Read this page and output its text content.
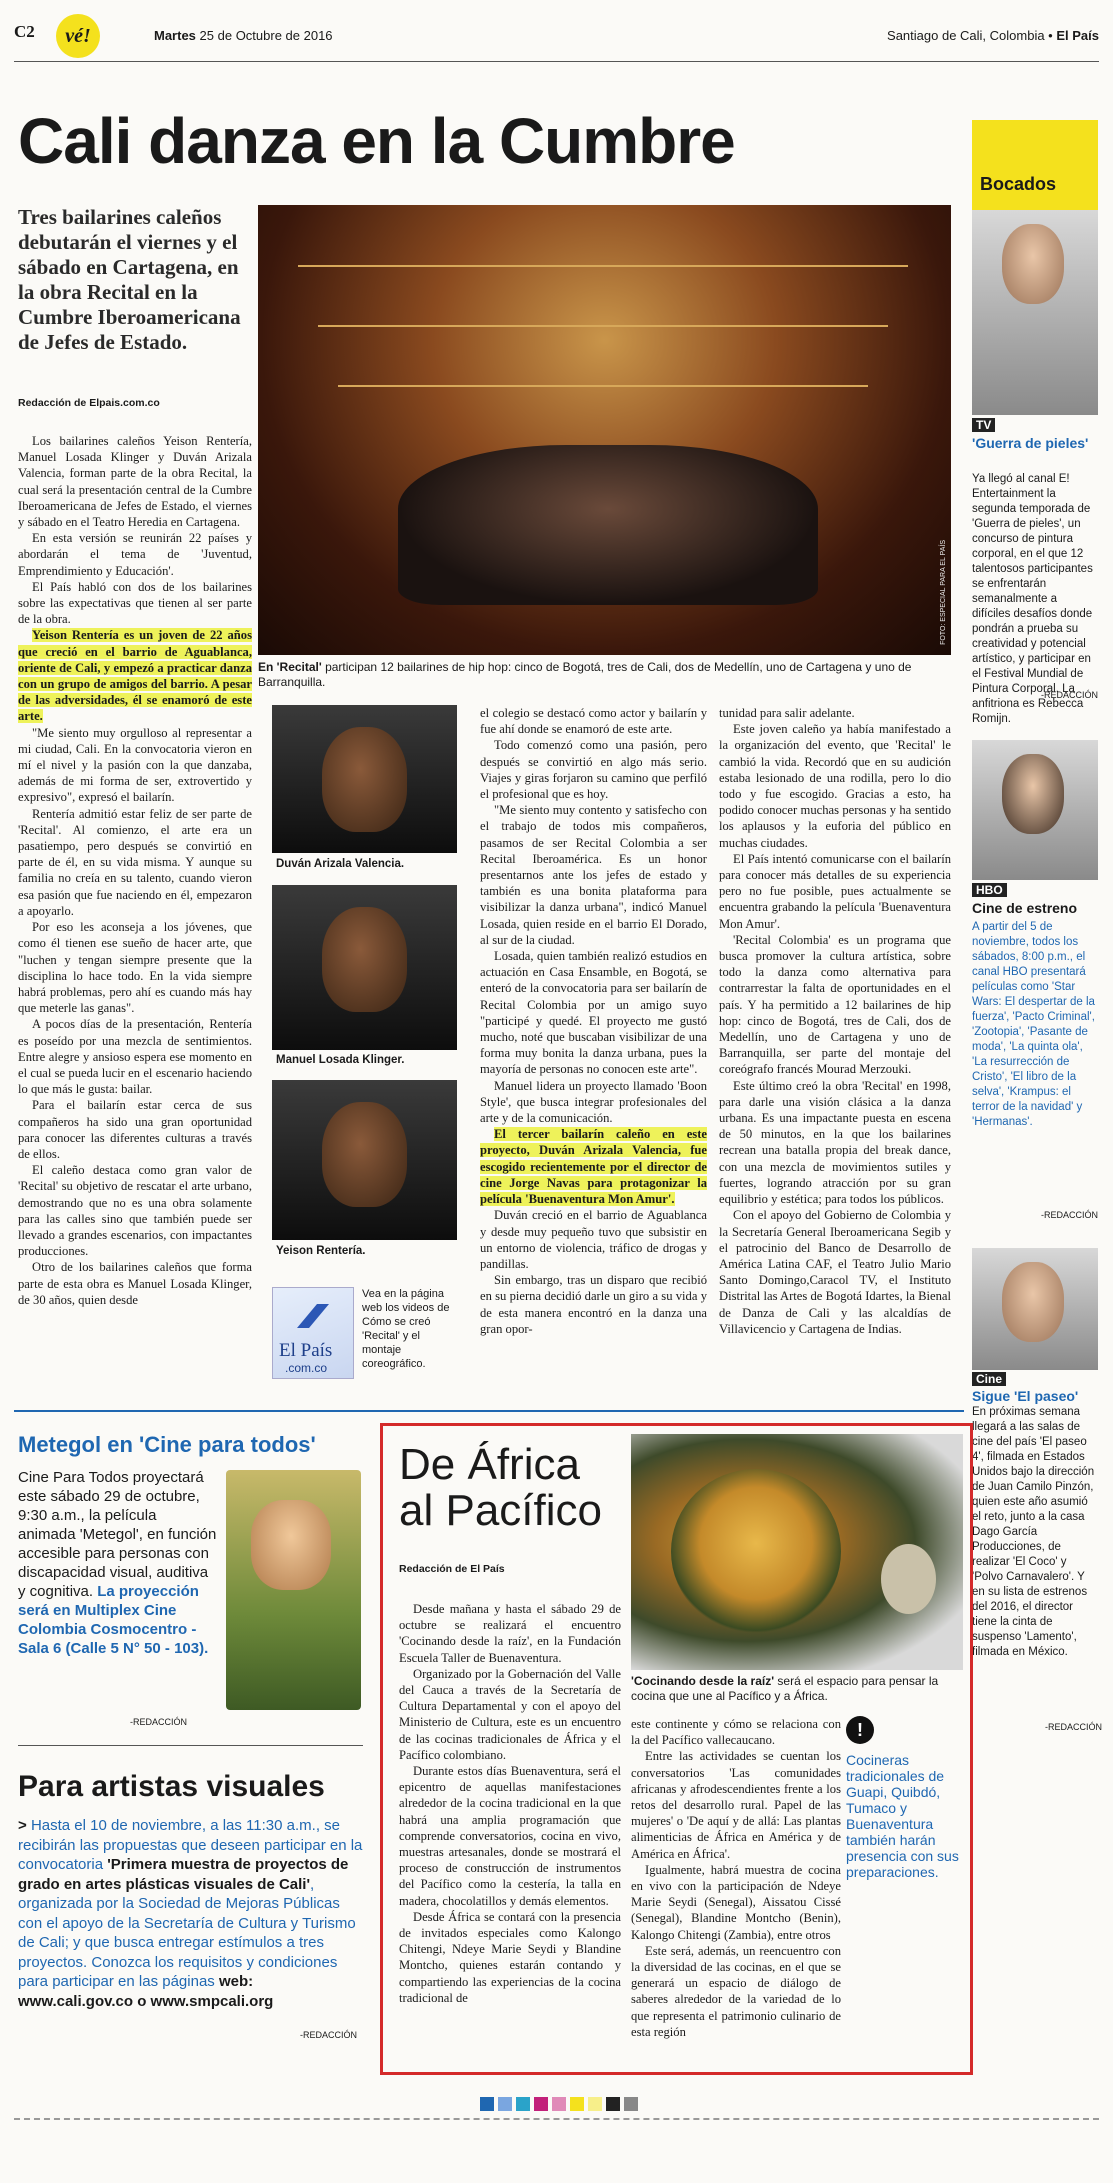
C2	vé!	Martes 25 de Octubre de 2016	Santiago de Cali, Colombia • El País
Cali danza en la Cumbre
Tres bailarines caleños debutarán el viernes y el sábado en Cartagena, en la obra Recital en la Cumbre Iberoamericana de Jefes de Estado.
Redacción de Elpais.com.co
FOTO: ESPECIAL PARA EL PAÍS
En 'Recital' participan 12 bailarines de hip hop: cinco de Bogotá, tres de Cali, dos de Medellín, uno de Cartagena y uno de Barranquilla.

Los bailarines caleños Yeison Rentería, Manuel Losada Klinger y Duván Arizala Valencia, forman parte de la obra Recital, la cual será la presentación central de la Cumbre Iberoamericana de Jefes de Estado, el viernes y sábado en el Teatro Heredia en Cartagena.

En esta versión se reunirán 22 países y abordarán el tema de 'Juventud, Emprendimiento y Educación'.

El País habló con dos de los bailarines sobre las expectativas que tienen al ser parte de la obra.

Yeison Rentería es un joven de 22 años que creció en el barrio de Aguablanca, oriente de Cali, y empezó a practicar danza con un grupo de amigos del barrio. A pesar de las adversidades, él se enamoró de este arte.

"Me siento muy orgulloso al representar a mi ciudad, Cali. En la convocatoria vieron en mí el nivel y la pasión con la que danzaba, además de mi forma de ser, extrovertido y expresivo", expresó el bailarín.

Rentería admitió estar feliz de ser parte de 'Recital'. Al comienzo, el arte era un pasatiempo, pero después se convirtió en parte de él, en su vida misma. Y aunque su familia no creía en su talento, cuando vieron esa pasión que fue naciendo en él, empezaron a apoyarlo.

Por eso les aconseja a los jóvenes, que como él tienen ese sueño de hacer arte, que "luchen y tengan siempre presente que la disciplina lo hace todo. En la vida siempre habrá problemas, pero ahí es cuando más hay que meterle las ganas".

A pocos días de la presentación, Rentería es poseído por una mezcla de sentimientos. Entre alegre y ansioso espera ese momento en el cual se pueda lucir en el escenario haciendo lo que más le gusta: bailar.

Para el bailarín estar cerca de sus compañeros ha sido una gran oportunidad para conocer las diferentes culturas a través de ellos.

El caleño destaca como gran valor de 'Recital' su objetivo de rescatar el arte urbano, demostrando que no es una obra solamente para las calles sino que también puede ser llevado a grandes escenarios, con impactantes producciones.

Otro de los bailarines caleños que forma parte de esta obra es Manuel Losada Klinger, de 30 años, quien desde

Duván Arizala Valencia.
Manuel Losada Klinger.
Yeison Rentería.
El País
.com.co
Vea en la página web los videos de Cómo se creó 'Recital' y el montaje coreográfico.

el colegio se destacó como actor y bailarín y fue ahí donde se enamoró de este arte.

Todo comenzó como una pasión, pero después se convirtió en algo más serio. Viajes y giras forjaron su camino que perfiló el profesional que es hoy.

"Me siento muy contento y satisfecho con el trabajo de todos mis compañeros, pasamos de ser Recital Colombia a ser Recital Iberoamérica. Es un honor presentarnos ante los jefes de estado y también es una bonita plataforma para visibilizar la danza urbana", indicó Manuel Losada, quien reside en el barrio El Dorado, al sur de la ciudad.

Losada, quien también realizó estudios en actuación en Casa Ensamble, en Bogotá, se enteró de la convocatoria para ser bailarín de Recital Colombia por un amigo suyo "participé y quedé. El proyecto me gustó mucho, noté que buscaban visibilizar de una forma muy bonita la danza urbana, pues la mayoría de personas no conocen este arte".

Manuel lidera un proyecto llamado 'Boon Style', que busca integrar profesionales del arte y de la comunicación.

El tercer bailarín caleño en este proyecto, Duván Arizala Valencia, fue escogido recientemente por el director de cine Jorge Navas para protagonizar la película 'Buenaventura Mon Amur'.

Duván creció en el barrio de Aguablanca y desde muy pequeño tuvo que subsistir en un entorno de violencia, tráfico de drogas y pandillas.

Sin embargo, tras un disparo que recibió en su pierna decidió darle un giro a su vida y de esta manera encontró en la danza una gran opor-

tunidad para salir adelante.

Este joven caleño ya había manifestado a la organización del evento, que 'Recital' le cambió la vida. Recordó que en su audición estaba lesionado de una rodilla, pero lo dio todo y fue escogido. Gracias a esto, ha podido conocer muchas personas y ha sentido los aplausos y la euforia del público en muchas ciudades.

El País intentó comunicarse con el bailarín para conocer más detalles de su experiencia pero no fue posible, pues actualmente se encuentra grabando la película 'Buenaventura Mon Amur'.

'Recital Colombia' es un programa que busca promover la cultura artística, sobre todo la danza como alternativa para contrarrestar la falta de oportunidades en el país. Y ha permitido a 12 bailarines de hip hop: cinco de Bogotá, tres de Cali, dos de Medellín, uno de Cartagena y uno de Barranquilla, ser parte del montaje del coreógrafo francés Mourad Merzouki.

Este último creó la obra 'Recital' en 1998, para darle una visión clásica a la danza urbana. Es una impactante puesta en escena de 50 minutos, en la que los bailarines recrean una batalla propia del break dance, con una mezcla de movimientos sutiles y fuertes, logrando atracción por su gran equilibrio y estética; para todos los públicos.

Con el apoyo del Gobierno de Colombia y la Secretaría General Iberoamericana Segib y el patrocinio del Banco de Desarrollo de América Latina CAF, el Teatro Julio Mario Santo Domingo,Caracol TV, el Instituto Distrital las Artes de Bogotá Idartes, la Bienal de Danza de Cali y las alcaldías de Villavicencio y Cartagena de Indias.

Bocados
TV
'Guerra de pieles'
Ya llegó al canal E! Entertainment la segunda temporada de 'Guerra de pieles', un concurso de pintura corporal, en el que 12 talentosos participantes se enfrentarán semanalmente a difíciles desafíos donde pondrán a prueba su creatividad y potencial artístico, y participar en el Festival Mundial de Pintura Corporal. La anfitriona es Rebecca Romijn.
-REDACCIÓN
HBO
Cine de estreno
A partir del 5 de noviembre, todos los sábados, 8:00 p.m., el canal HBO presentará películas como 'Star Wars: El despertar de la fuerza', 'Pacto Criminal', 'Zootopia', 'Pasante de moda', 'La quinta ola', 'La resurrección de Cristo', 'El libro de la selva', 'Krampus: el terror de la navidad' y 'Hermanas'.
-REDACCIÓN
Cine
Sigue 'El paseo'
En próximas semana llegará a las salas de cine del país 'El paseo 4', filmada en Estados Unidos bajo la dirección de Juan Camilo Pinzón, quien este año asumió el reto, junto a la casa Dago García Producciones, de realizar 'El Coco' y 'Polvo Carnavalero'. Y en su lista de estrenos del 2016, el director tiene la cinta de suspenso 'Lamento', filmada en México.
-REDACCIÓN
Metegol en 'Cine para todos'
Cine Para Todos proyectará este sábado 29 de octubre, 9:30 a.m., la película animada 'Metegol', en función accesible para personas con discapacidad visual, auditiva y cognitiva. La proyección será en Multiplex Cine Colombia Cosmocentro - Sala 6 (Calle 5 N° 50 - 103).
-REDACCIÓN
Para artistas visuales
> Hasta el 10 de noviembre, a las 11:30 a.m., se recibirán las propuestas que deseen participar en la convocatoria 'Primera muestra de proyectos de grado en artes plásticas visuales de Cali', organizada por la Sociedad de Mejoras Públicas con el apoyo de la Secretaría de Cultura y Turismo de Cali; y que busca entregar estímulos a tres proyectos. Conozca los requisitos y condiciones para participar en las páginas web: www.cali.gov.co o www.smpcali.org
-REDACCIÓN
De África al Pacífico
Redacción de El País
'Cocinando desde la raíz' será el espacio para pensar la cocina que une al Pacífico y a África.

Desde mañana y hasta el sábado 29 de octubre se realizará el encuentro 'Cocinando desde la raíz', en la Fundación Escuela Taller de Buenaventura.

Organizado por la Gobernación del Valle del Cauca a través de la Secretaría de Cultura Departamental y con el apoyo del Ministerio de Cultura, este es un encuentro de las cocinas tradicionales de África y el Pacífico colombiano.

Durante estos días Buenaventura, será el epicentro de aquellas manifestaciones alrededor de la cocina tradicional en la que habrá una amplia programación que comprende conversatorios, cocina en vivo, muestras artesanales, donde se mostrará el proceso de construcción de instrumentos del Pacífico como la cestería, la talla en madera, chocolatillos y demás elementos.

Desde África se contará con la presencia de invitados especiales como Kalongo Chitengi, Ndeye Marie Seydi y Blandine Montcho, quienes estarán contando y compartiendo las experiencias de la cocina tradicional de

este continente y cómo se relaciona con la del Pacífico vallecaucano.

Entre las actividades se cuentan los conversatorios 'Las comunidades africanas y afrodescendientes frente a los retos del desarrollo rural. Papel de las mujeres' o 'De aquí y de allá: Las plantas alimenticias de África en América y de América en África'.

Igualmente, habrá muestra de cocina en vivo con la participación de Ndeye Marie Seydi (Senegal), Aissatou Cissé (Senegal), Blandine Montcho (Benin), Kalongo Chitengi (Zambia), entre otros

Este será, además, un reencuentro con la diversidad de las cocinas, en el que se generará un espacio de diálogo de saberes alrededor de la variedad de lo que representa el patrimonio culinario de esta región

!
Cocineras tradicionales de Guapi, Quibdó, Tumaco y Buenaventura también harán presencia con sus preparaciones.
